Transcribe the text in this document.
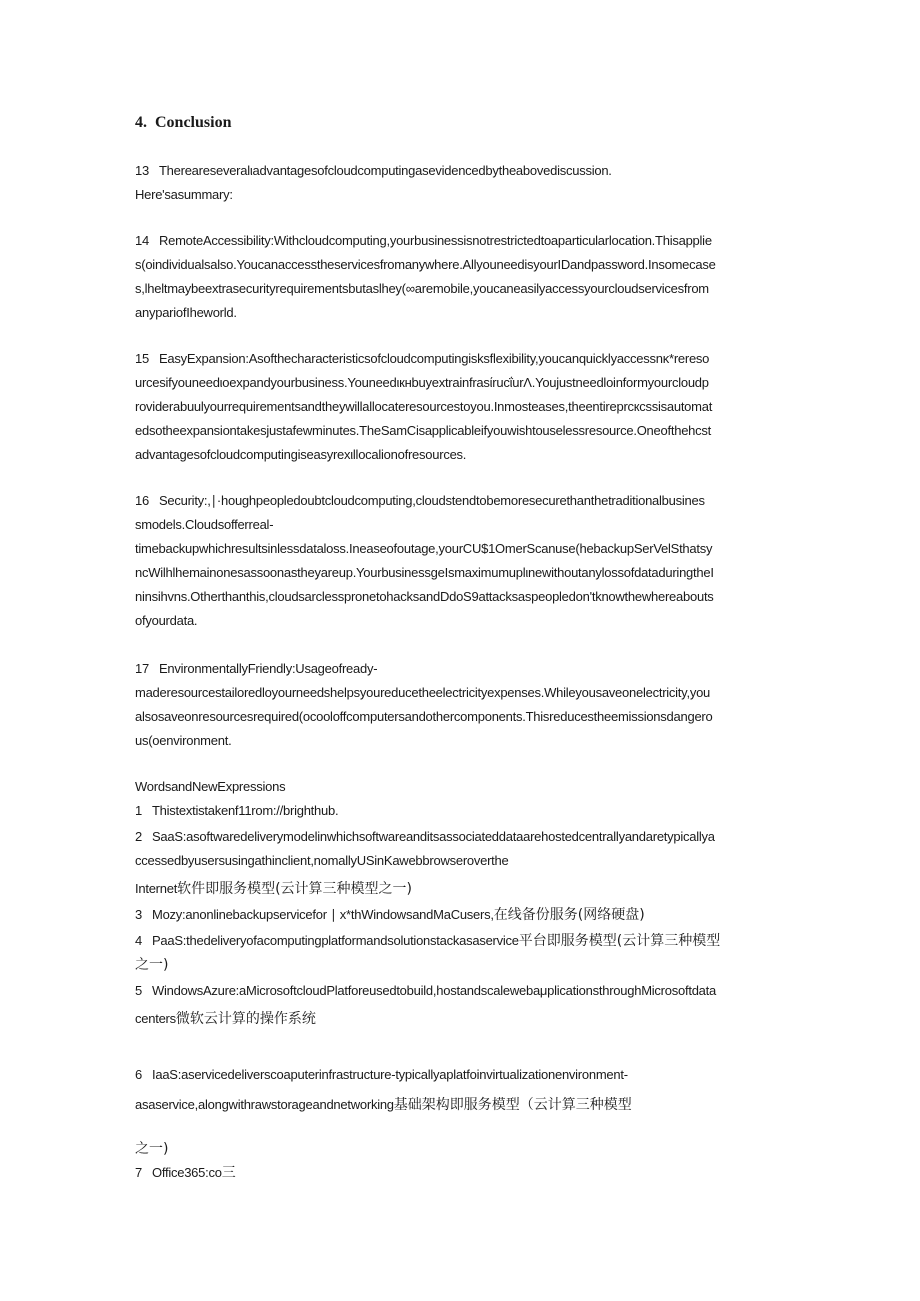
4. Conclusion
13 Thereareseveralιadvantagesofcloudcomputingasevidencedbytheabovediscussion.
Here'sasummary:
14 RemoteAccessibility:Withcloudcomputing,yourbusinessisnotrestrictedtoaparticularlocation.Thisapplie
s(oindividualsalso.Youcanaccesstheservicesfromanywhere.AllyouneedisyourIDandpassword.Insomecase
s,lheltmaybeextrasecurityrequirementsbutaslhey(∞aremobile,youcaneasilyaccessyourcloudservicesfrom
anypariofIheworld.
15 EasyExpansion:Asofthecharacteristicsofcloudcomputingisksflexibility,youcanquicklyaccessnκ*rereso
urcesifyouneedιoexpandyourbusiness.YouneedιкнbuyextrainfrasίrucΐurΛ.Youjustneedloinformyourcloudp
roviderabuulyourrequirementsandtheywillallocateresourcestoyou.Inmosteases,theentireprcкcssisautomat
edsotheexpansiontakesjustafewminutes.TheSamCisapplicableifyouwishtouselessresource.Oneofthehcst
advantagesofcloudcomputingiseasyrexιllocalionofresources.
16 Security:,∣·houghpeopledoubtcloudcomputing,cloudstendtobemoresecurethanthetraditionalbusines
smodels.Cloudsofferreal-
timebackupwhichresultsinlessdataloss.Ineaseofoutage,yourCU$1OmerScanuse(hebackupSerVelSthatsy
ncWilhlhemainonesassoonastheyareup.YourbusinessgeIsmaximumuplιnewithoutanylossofdataduringtheI
ninsihvns.Otherthanthis,cloudsarclesspronetohacksandDdoS9attacksaspeopledon'tknowthewhereabouts
ofyourdata.
17 EnvironmentallyFriendly:Usageofready-
maderesourcestailoredloyourneedshelpsyoureducetheelectricityexpenses.Whileyousaveonelectricity,you
alsosaveonresourcesrequired(ocooloffcomputersandothercomponents.Thisreducestheemissionsdangero
us(oenvironment.
WordsandNewExpressions
1 Thistextistakenf11rom://brighthub.
2 SaaS:asoftwaredeliverymodelinwhichsoftwareanditsassociateddataarehostedcentrallyandaretypicallya
ccessedbyusersusingathinclient,nomallyUSinKawebbrowseroverthe
Internet软件即服务模型(云计算三种模型之一)
3 Mozy:anonlinebackupservicefor ∣ x*thWindowsandMaCusers,在线备份服务(网络硬盘)
4 PaaS:thedeliveryofacomputingplatformandsolutionstackasaservice平台即服务模型(云计算三种模型
之一)
5 WindowsAzure:aMicrosoftcloudPlatforeusedtobuild,hostandscalewebaμplicationsthroughMicrosoftdata
centers微软云计算的操作系统
6 IaaS:aservicedeliverscoaputerinfrastructure-typicallyaplatfoinvirtualizationenvironment-
asaservice,alongwithrawstorageandnetworking基础架构即服务模型（云计算三种模型
之一)
7 Office365:co三
